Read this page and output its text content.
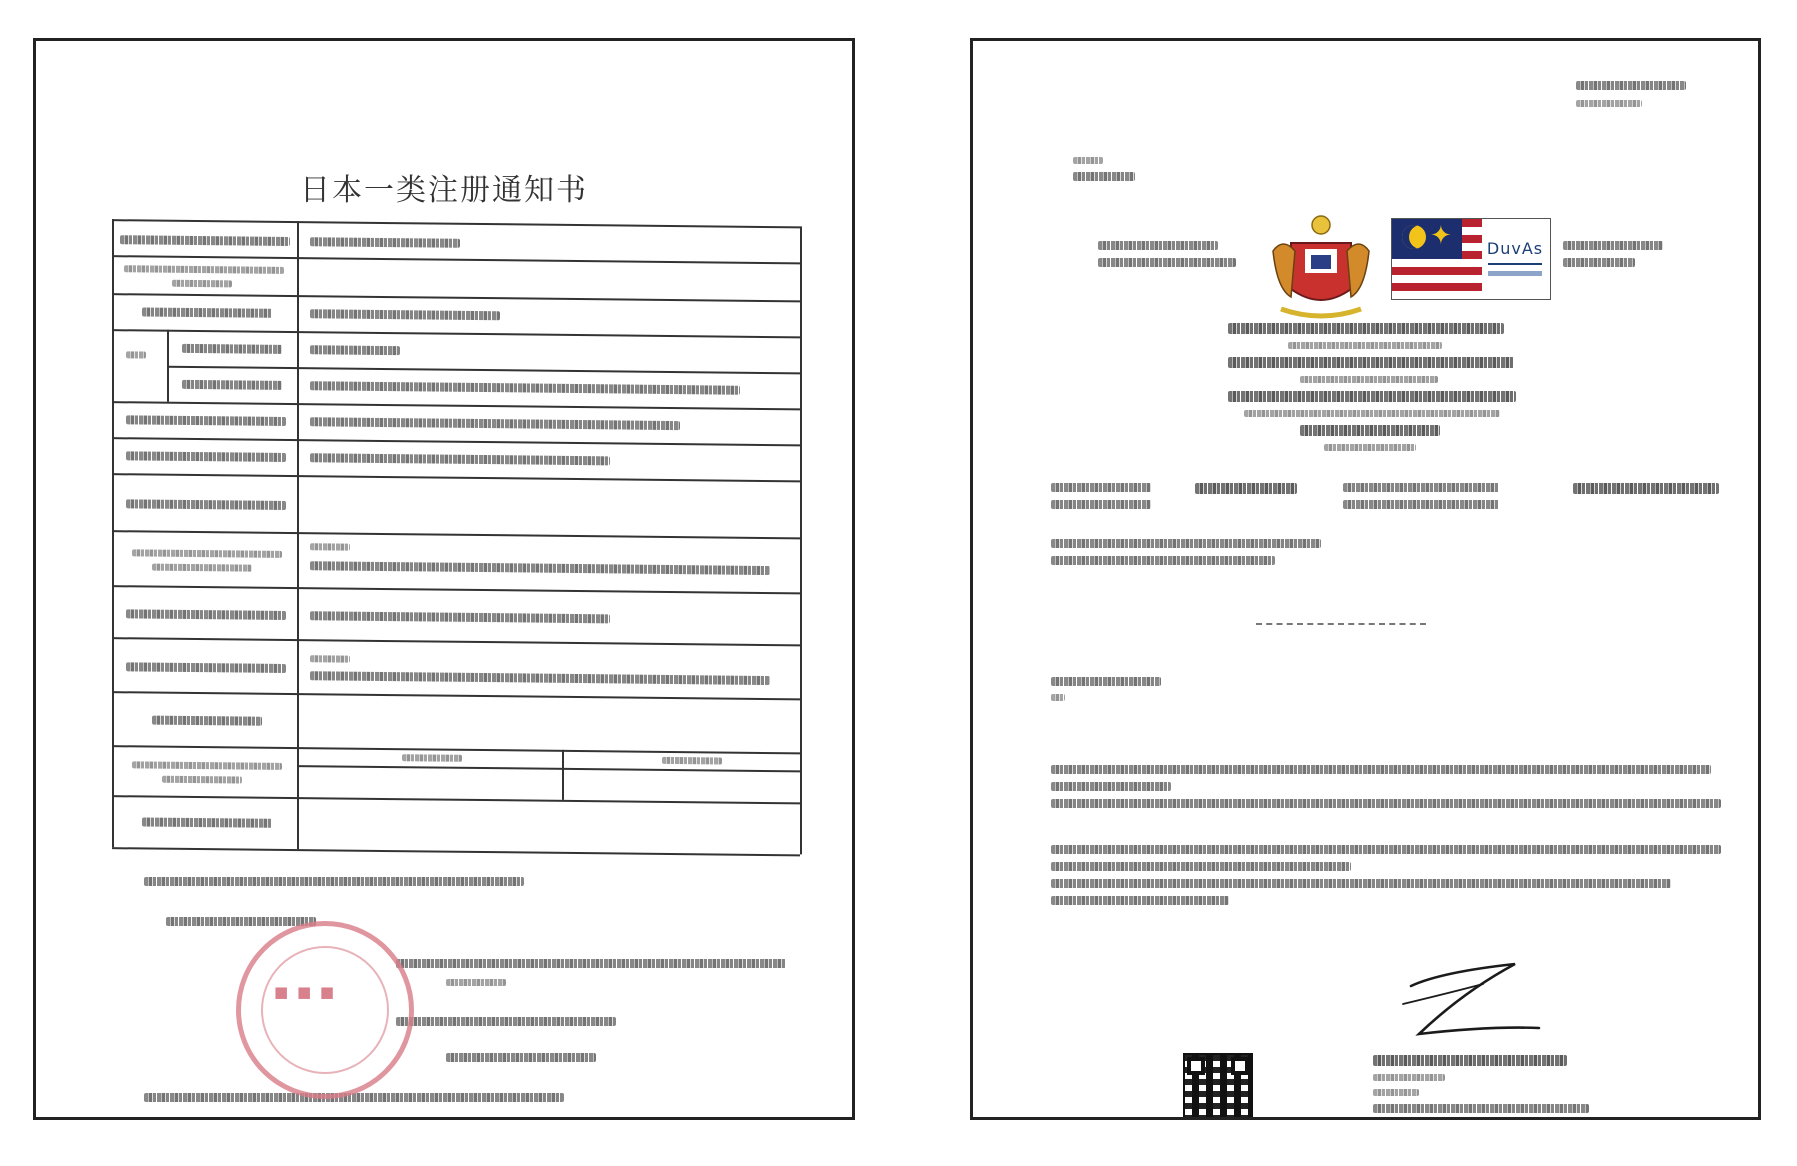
日本一类注册通知书
■ ■ ■
✦ DuvAs
